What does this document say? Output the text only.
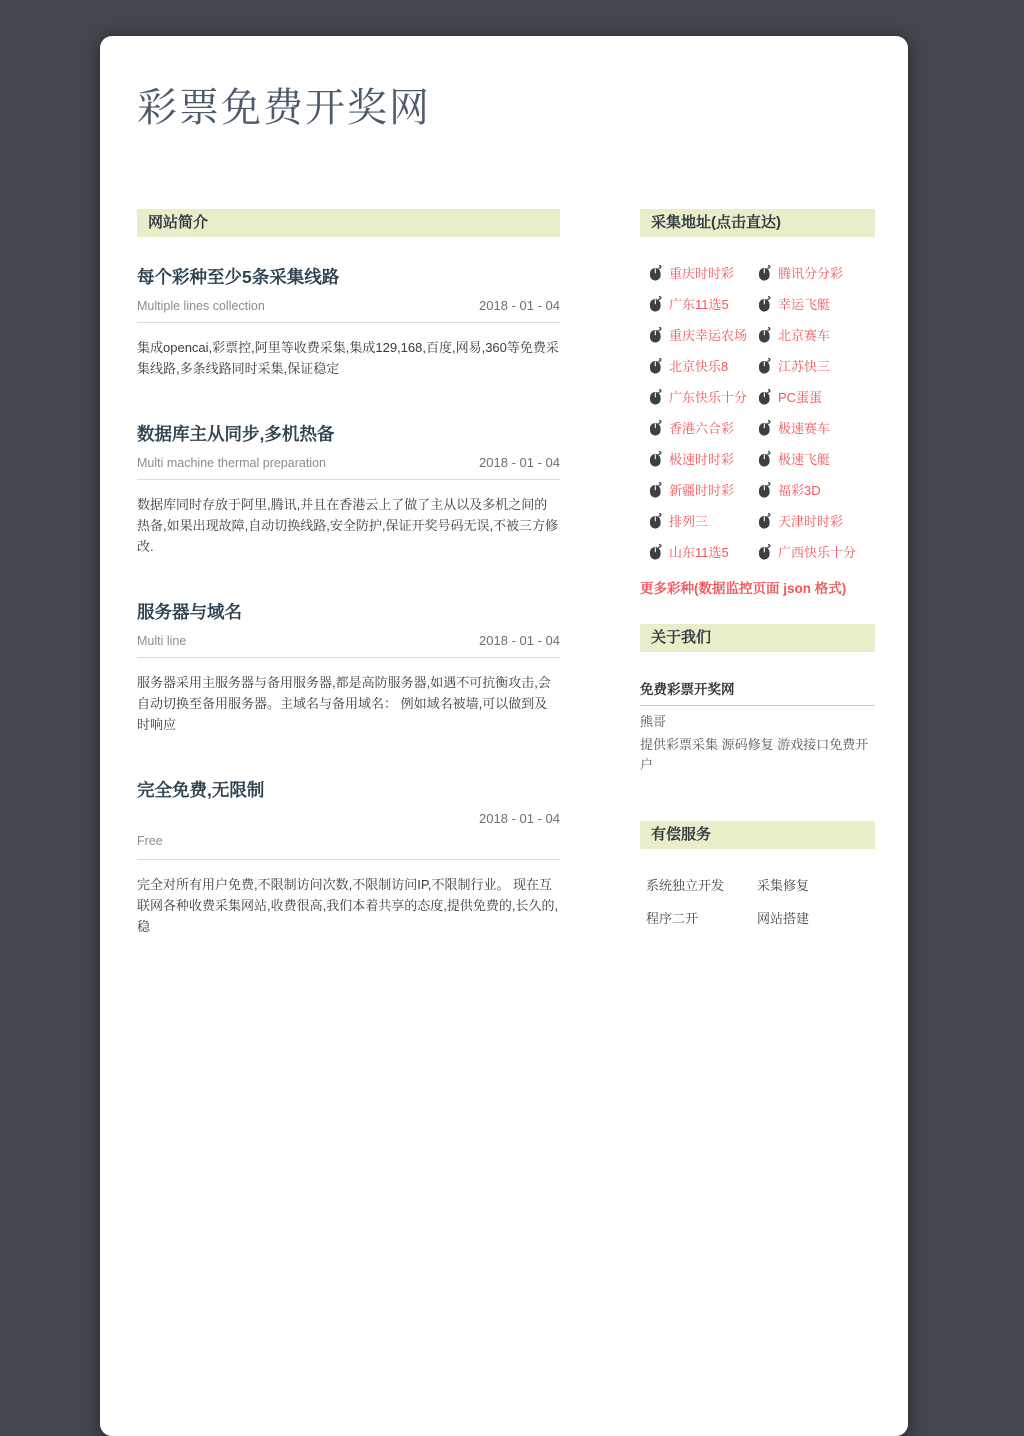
彩票免费开奖网
网站简介
每个彩种至少5条采集线路
Multiple lines collection	2018 - 01 - 04

集成opencai,彩票控,阿里等收费采集,集成129,168,百度,网易,360等免费采集线路,多条线路同时采集,保证稳定

数据库主从同步,多机热备
Multi machine thermal preparation	2018 - 01 - 04

数据库同时存放于阿里,腾讯,并且在香港云上了做了主从以及多机之间的热备,如果出现故障,自动切换线路,安全防护,保证开奖号码无误,不被三方修改.

服务器与域名
Multi line	2018 - 01 - 04

服务器采用主服务器与备用服务器,都是高防服务器,如遇不可抗衡攻击,会自动切换至备用服务器。主域名与备用域名： 例如域名被墙,可以做到及时响应

完全免费,无限制
2018 - 01 - 04
Free

完全对所有用户免费,不限制访问次数,不限制访问IP,不限制行业。 现在互联网各种收费采集网站,收费很高,我们本着共享的态度,提供免费的,长久的,稳

采集地址(点击直达)
重庆时时彩	腾讯分分彩
广东11选5	幸运飞艇
重庆幸运农场 北京赛车
北京快乐8	江苏快三
广东快乐十分 PC蛋蛋
香港六合彩	极速赛车
极速时时彩	极速飞艇
新疆时时彩	福彩3D
排列三	天津时时彩
山东11选5	广西快乐十分
更多彩种(数据监控页面 json 格式)
关于我们
免费彩票开奖网
熊哥
提供彩票采集 源码修复 游戏接口免费开户
有偿服务
系统独立开发	采集修复
程序二开	网站搭建
